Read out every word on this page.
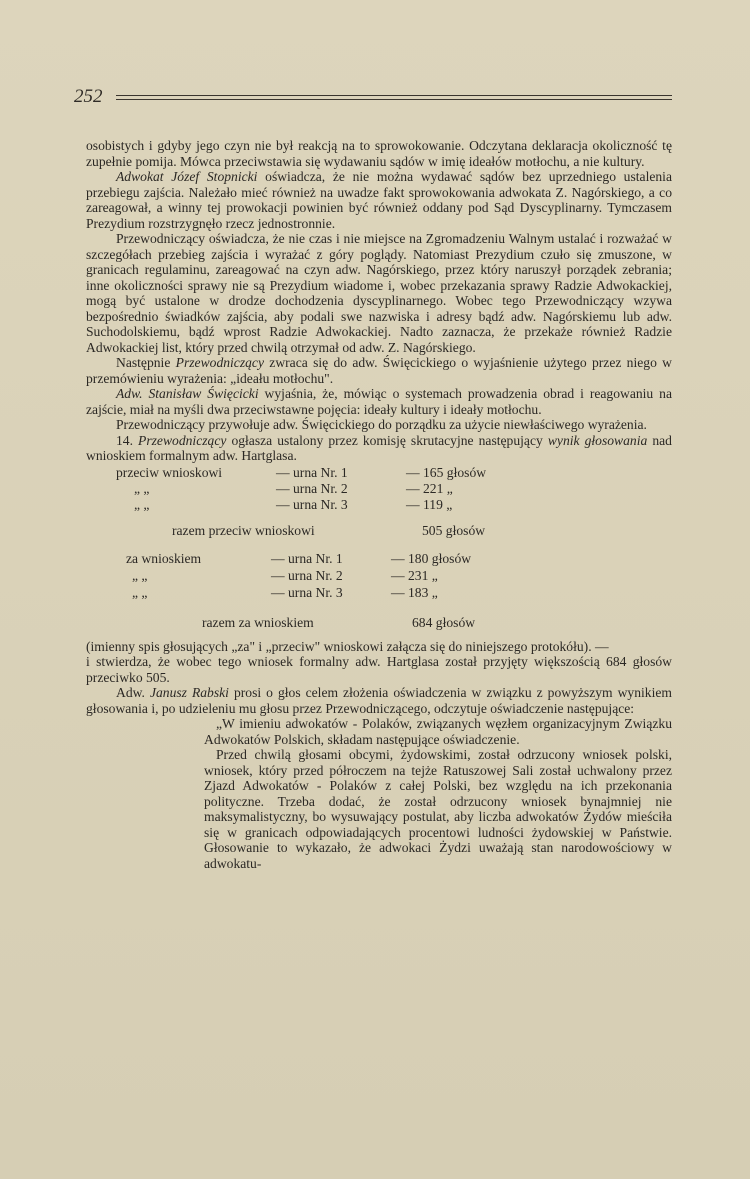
252

osobistych i gdyby jego czyn nie był reakcją na to sprowokowanie. Odczytana deklaracja okoliczność tę zupełnie pomija. Mówca przeciwstawia się wydawaniu sądów w imię ideałów motłochu, a nie kultury.

Adwokat Józef Stopnicki oświadcza, że nie można wydawać sądów bez uprzedniego ustalenia przebiegu zajścia. Należało mieć również na uwadze fakt sprowokowania adwokata Z. Nagórskiego, a co zareagował, a winny tej prowokacji powinien być również oddany pod Sąd Dyscyplinarny. Tymczasem Prezydium rozstrzygnęło rzecz jednostronnie.

Przewodniczący oświadcza, że nie czas i nie miejsce na Zgromadzeniu Walnym ustalać i rozważać w szczegółach przebieg zajścia i wyrażać z góry poglądy. Natomiast Prezydium czuło się zmuszone, w granicach regulaminu, zareagować na czyn adw. Nagórskiego, przez który naruszył porządek zebrania; inne okoliczności sprawy nie są Prezydium wiadome i, wobec przekazania sprawy Radzie Adwokackiej, mogą być ustalone w drodze dochodzenia dyscyplinarnego. Wobec tego Przewodniczący wzywa bezpośrednio świadków zajścia, aby podali swe nazwiska i adresy bądź adw. Nagórskiemu lub adw. Suchodolskiemu, bądź wprost Radzie Adwokackiej. Nadto zaznacza, że przekaże również Radzie Adwokackiej list, który przed chwilą otrzymał od adw. Z. Nagórskiego.

Następnie Przewodniczący zwraca się do adw. Święcickiego o wyjaśnienie użytego przez niego w przemówieniu wyrażenia: „ideału motłochu".

Adw. Stanisław Święcicki wyjaśnia, że, mówiąc o systemach prowadzenia obrad i reagowaniu na zajście, miał na myśli dwa przeciwstawne pojęcia: ideały kultury i ideały motłochu.

Przewodniczący przywołuje adw. Święcickiego do porządku za użycie niewłaściwego wyrażenia.

14. Przewodniczący ogłasza ustalony przez komisję skrutacyjne następujący wynik głosowania nad wnioskiem formalnym adw. Hartglasa.

przeciw wnioskowi	— urna Nr. 1	— 165 głosów
„ „	— urna Nr. 2	— 221 „
„ „	— urna Nr. 3	— 119 „
razem przeciw wnioskowi	505 głosów
za wnioskiem	— urna Nr. 1	— 180 głosów
„ „	— urna Nr. 2	— 231 „
„ „	— urna Nr. 3	— 183 „
razem za wnioskiem	684 głosów

(imienny spis głosujących „za" i „przeciw" wnioskowi załącza się do niniejszego protokółu). —

i stwierdza, że wobec tego wniosek formalny adw. Hartglasa został przyjęty większością 684 głosów przeciwko 505.

Adw. Janusz Rabski prosi o głos celem złożenia oświadczenia w związku z powyższym wynikiem głosowania i, po udzieleniu mu głosu przez Przewodniczącego, odczytuje oświadczenie następujące:

„W imieniu adwokatów - Polaków, związanych węzłem organizacyjnym Związku Adwokatów Polskich, składam następujące oświadczenie.

Przed chwilą głosami obcymi, żydowskimi, został odrzucony wniosek polski, wniosek, który przed półroczem na tejże Ratuszowej Sali został uchwalony przez Zjazd Adwokatów - Polaków z całej Polski, bez względu na ich przekonania polityczne. Trzeba dodać, że został odrzucony wniosek bynajmniej nie maksymalistyczny, bo wysuwający postulat, aby liczba adwokatów Żydów mieściła się w granicach odpowiadających procentowi ludności żydowskiej w Państwie. Głosowanie to wykazało, że adwokaci Żydzi uważają stan narodowościowy w adwokatu-
